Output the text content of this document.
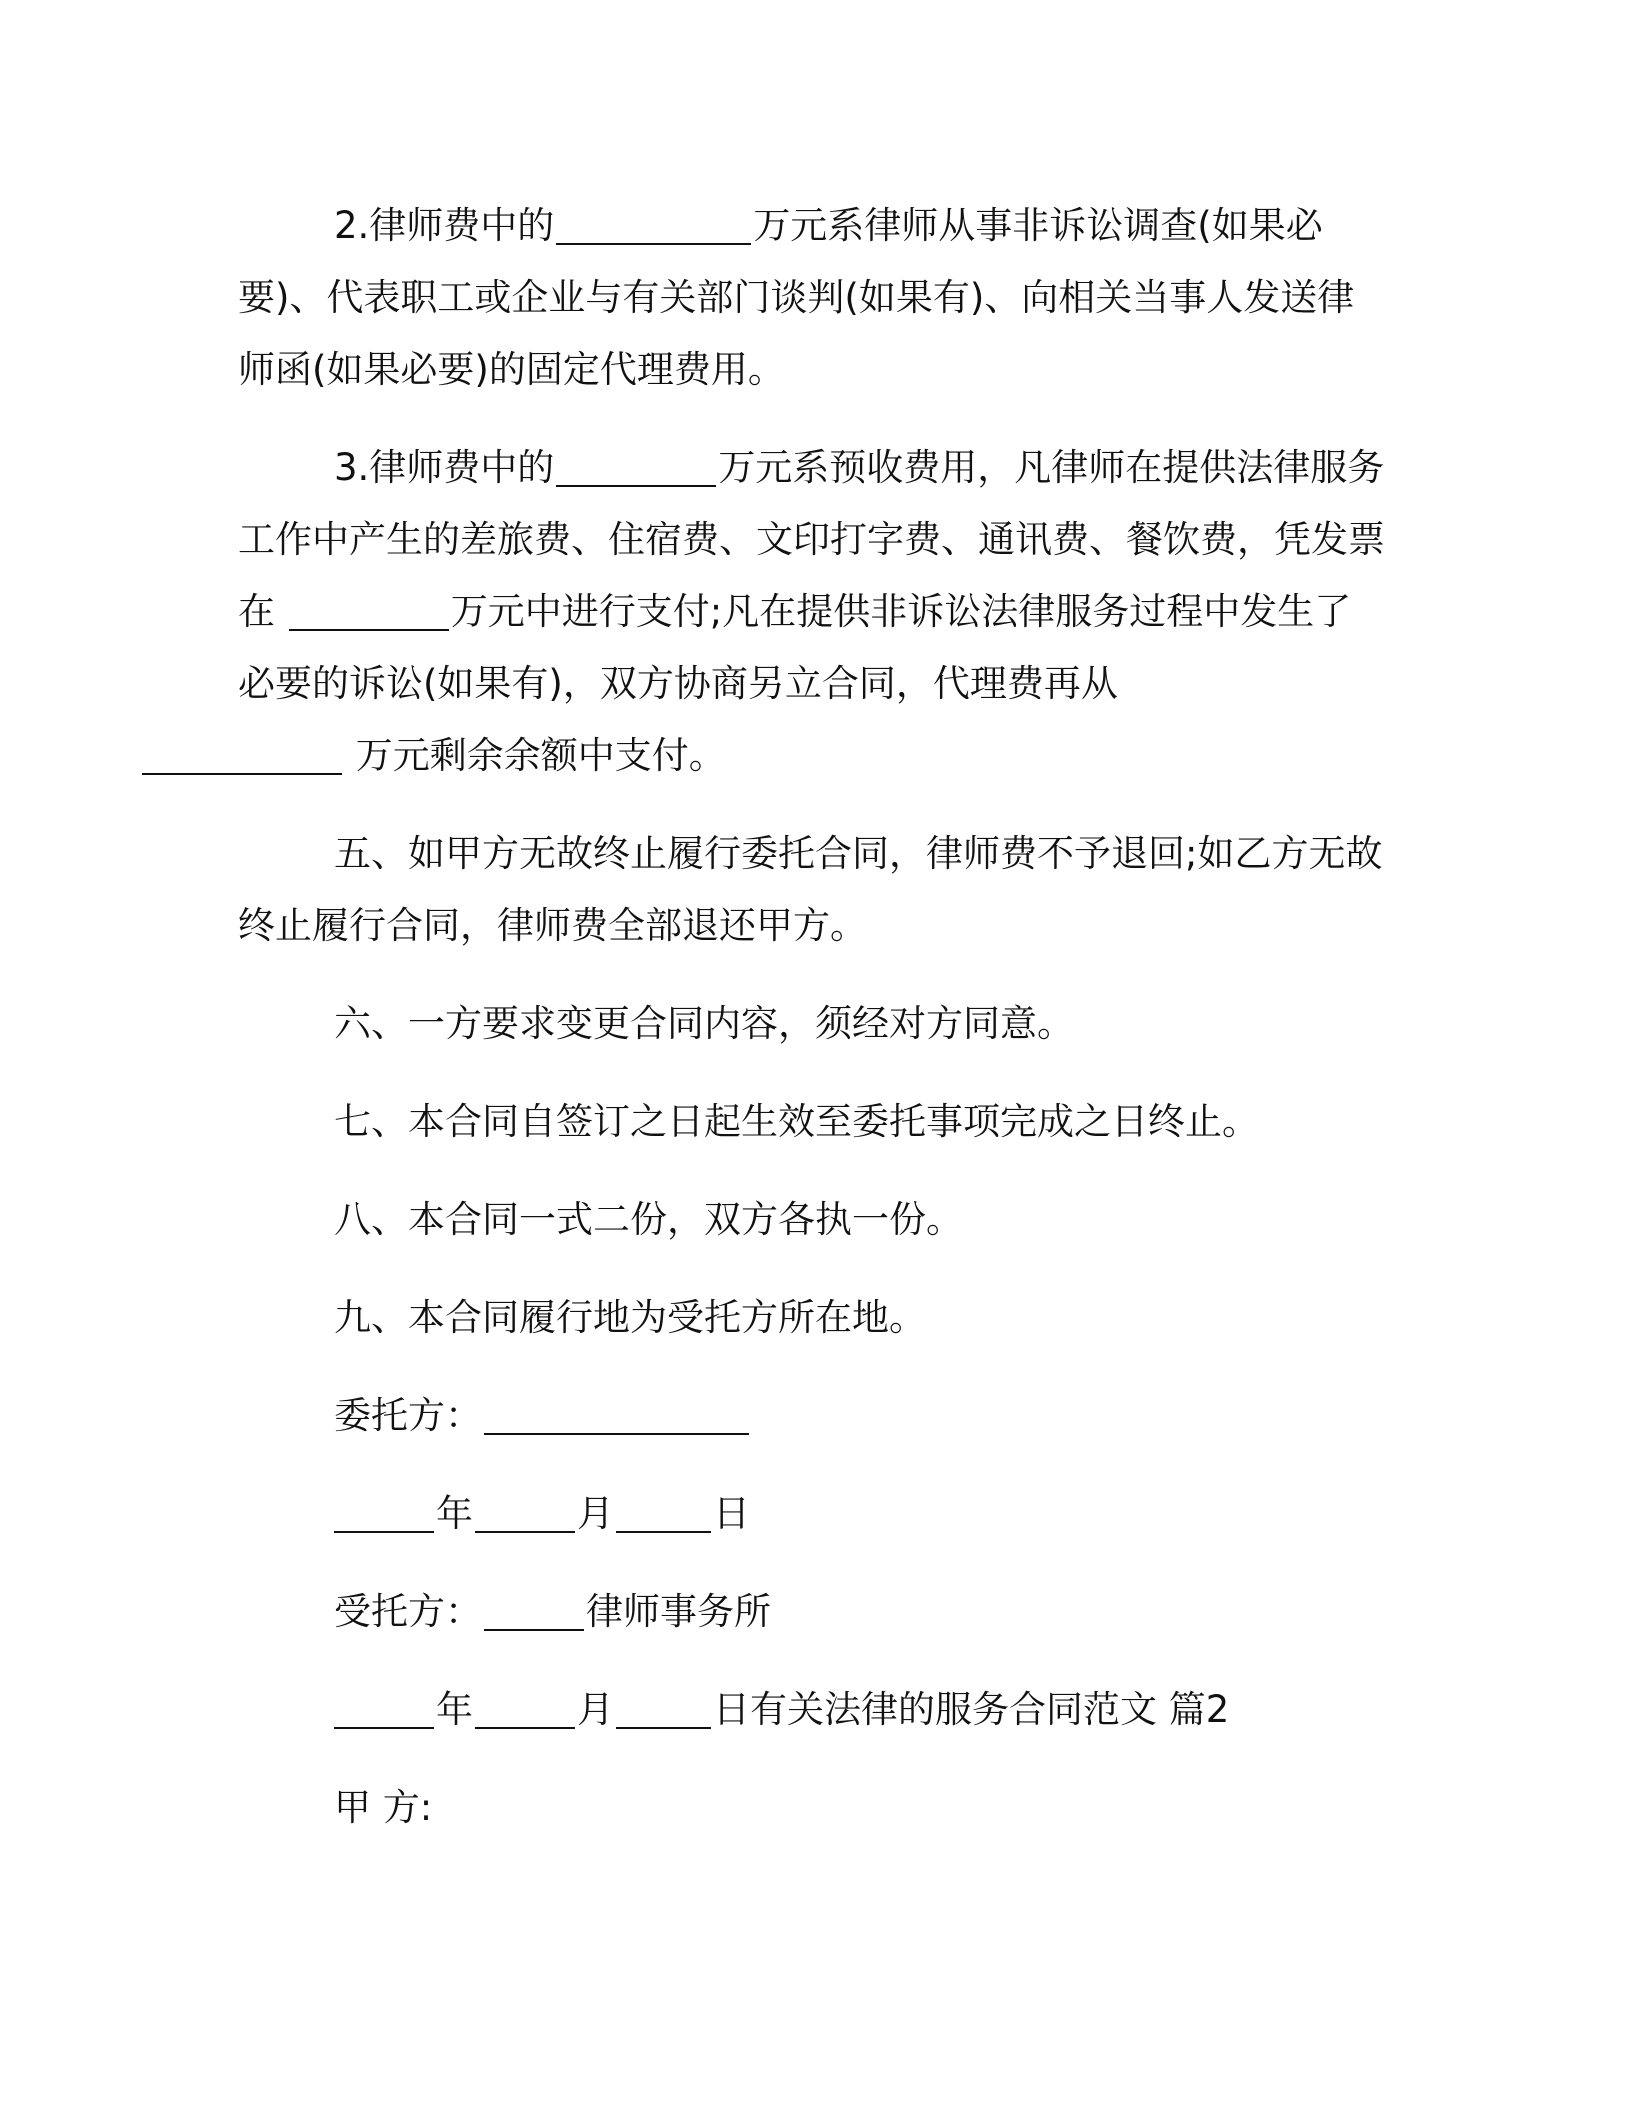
2.律师费中的	万元系律师从事非诉讼调查(如果必要)、代表职工或企业与有关部门谈判(如果有)、向相关当事人发送律师函(如果必要)的固定代理费用。

3.律师费中的	万元系预收费用，凡律师在提供法律服务工作中产生的差旅费、住宿费、文印打字费、通讯费、餐饮费，凭发票在	万元中进行支付;凡在提供非诉讼法律服务过程中发生了必要的诉讼(如果有)，双方协商另立合同，代理费再从
万元剩余余额中支付。

五、如甲方无故终止履行委托合同，律师费不予退回;如乙方无故终止履行合同，律师费全部退还甲方。

六、一方要求变更合同内容，须经对方同意。

七、本合同自签订之日起生效至委托事项完成之日终止。

八、本合同一式二份，双方各执一份。

九、本合同履行地为受托方所在地。

委托方：

年	月	日

受托方：	律师事务所

年	月	日有关法律的服务合同范文 篇2

甲 方:
